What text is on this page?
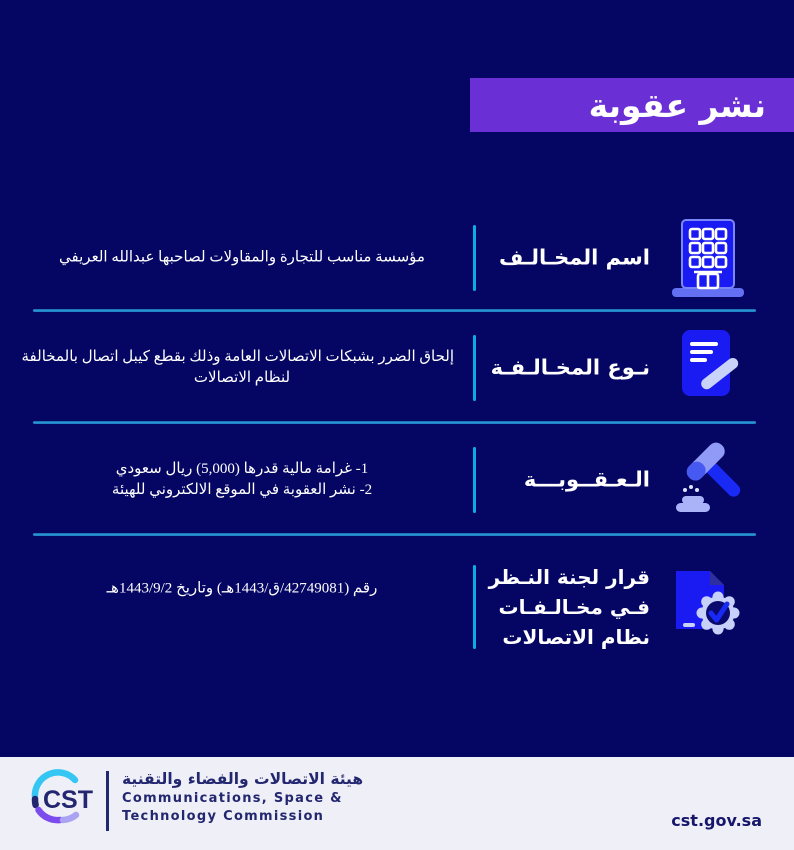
نشر عقوبة
اسم المخـالـف
مؤسسة مناسب للتجارة والمقاولات لصاحبها عبدالله العريفي
نـوع المخـالـفـة
إلحاق الضرر بشبكات الاتصالات العامة وذلك بقطع كيبل اتصال بالمخالفة
لنظام الاتصالات
الـعـقــوبـــة
1- غرامة مالية قدرها (5,000) ريال سعودي
2- نشر العقوبة في الموقع الالكتروني للهيئة
قرار لجنة النـظر
فـي مخـالـفـات
نظام الاتصالات
رقم (42749081/ق/1443هـ) وتاريخ 1443/9/2هـ
CST
هيئة الاتصالات والفضاء والتقنية
Communications, Space &
Technology Commission	cst.gov.sa
